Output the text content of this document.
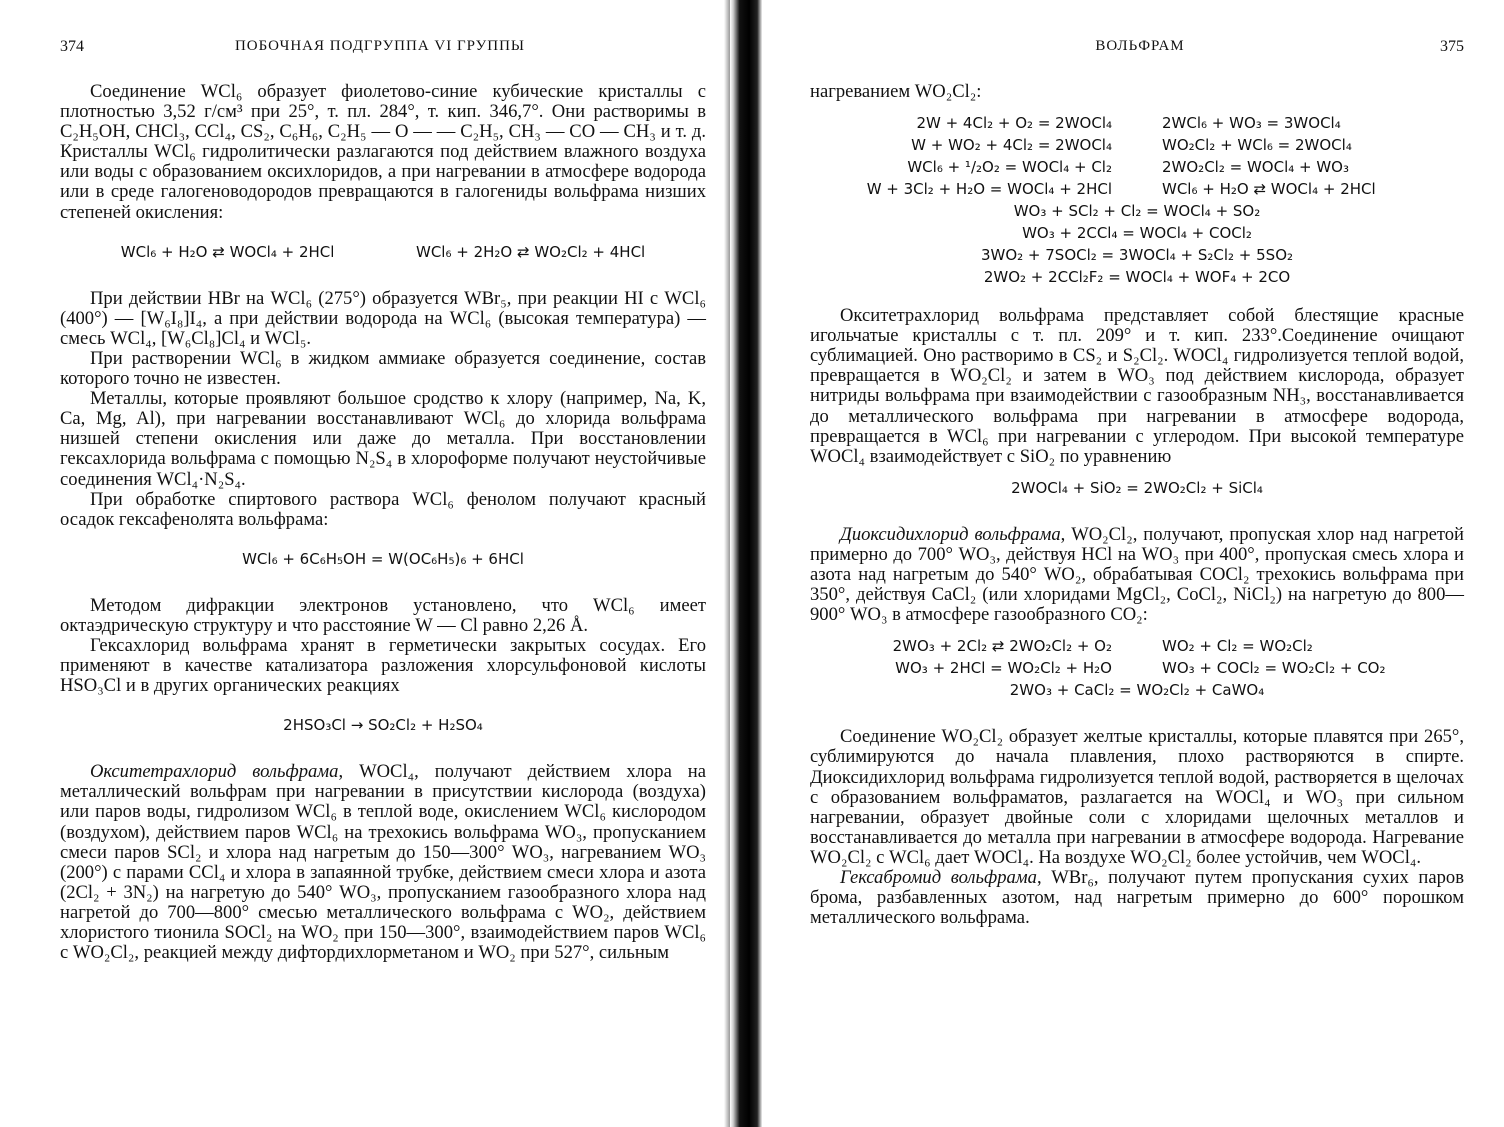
374	ПОБОЧНАЯ ПОДГРУППА VI ГРУППЫ

Соединение WCl₆ образует фиолетово-синие кубические кристаллы с плотностью 3,52 г/см³ при 25°, т. пл. 284°, т. кип. 346,7°. Они растворимы в C₂H₅OH, CHCl₃, CCl₄, CS₂, C₆H₆, C₂H₅ — O — — C₂H₅, CH₃ — CO — CH₃ и т. д. Кристаллы WCl₆ гидролитически разлагаются под действием влажного воздуха или воды с образованием оксихлоридов, а при нагревании в атмосфере водорода или в среде галогеноводородов превращаются в галогениды вольфрама низших степеней окисления:

WCl₆ + H₂O ⇄ WOCl₄ + 2HCl	WCl₆ + 2H₂O ⇄ WO₂Cl₂ + 4HCl

При действии HBr на WCl₆ (275°) образуется WBr₅, при реакции HI с WCl₆ (400°) — [W₆I₈]I₄, а при действии водорода на WCl₆ (высокая температура) — смесь WCl₄, [W₆Cl₈]Cl₄ и WCl₅.

При растворении WCl₆ в жидком аммиаке образуется соединение, состав которого точно не известен.

Металлы, которые проявляют большое сродство к хлору (например, Na, K, Ca, Mg, Al), при нагревании восстанавливают WCl₆ до хлорида вольфрама низшей степени окисления или даже до металла. При восстановлении гексахлорида вольфрама с помощью N₂S₄ в хлороформе получают неустойчивые соединения WCl₄·N₂S₄.

При обработке спиртового раствора WCl₆ фенолом получают красный осадок гексафенолята вольфрама:

WCl₆ + 6C₆H₅OH = W(OC₆H₅)₆ + 6HCl

Методом дифракции электронов установлено, что WCl₆ имеет октаэдрическую структуру и что расстояние W — Cl равно 2,26 Å.

Гексахлорид вольфрама хранят в герметически закрытых сосудах. Его применяют в качестве катализатора разложения хлорсульфоновой кислоты HSO₃Cl и в других органических реакциях

2HSO₃Cl → SO₂Cl₂ + H₂SO₄

Окситетрахлорид вольфрама, WOCl₄, получают действием хлора на металлический вольфрам при нагревании в присутствии кислорода (воздуха) или паров воды, гидролизом WCl₆ в теплой воде, окислением WCl₆ кислородом (воздухом), действием паров WCl₆ на трехокись вольфрама WO₃, пропусканием смеси паров SCl₂ и хлора над нагретым до 150—300° WO₃, нагреванием WO₃ (200°) с парами CCl₄ и хлора в запаянной трубке, действием смеси хлора и азота (2Cl₂ + 3N₂) на нагретую до 540° WO₃, пропусканием газообразного хлора над нагретой до 700—800° смесью металлического вольфрама с WO₂, действием хлористого тионила SOCl₂ на WO₂ при 150—300°, взаимодействием паров WCl₆ с WO₂Cl₂, реакцией между дифтордихлорметаном и WO₂ при 527°, сильным

ВОЛЬФРАМ	375

нагреванием WO₂Cl₂:

2W + 4Cl₂ + O₂ = 2WOCl₄	2WCl₆ + WO₃ = 3WOCl₄
W + WO₂ + 4Cl₂ = 2WOCl₄	WO₂Cl₂ + WCl₆ = 2WOCl₄
WCl₆ + ¹/₂O₂ = WOCl₄ + Cl₂	2WO₂Cl₂ = WOCl₄ + WO₃
W + 3Cl₂ + H₂O = WOCl₄ + 2HCl	WCl₆ + H₂O ⇄ WOCl₄ + 2HCl
WO₃ + SCl₂ + Cl₂ = WOCl₄ + SO₂
WO₃ + 2CCl₄ = WOCl₄ + COCl₂
3WO₂ + 7SOCl₂ = 3WOCl₄ + S₂Cl₂ + 5SO₂
2WO₂ + 2CCl₂F₂ = WOCl₄ + WOF₄ + 2CO

Окситетрахлорид вольфрама представляет собой блестящие красные игольчатые кристаллы с т. пл. 209° и т. кип. 233°.Соединение очищают сублимацией. Оно растворимо в CS₂ и S₂Cl₂. WOCl₄ гидролизуется теплой водой, превращается в WO₂Cl₂ и затем в WO₃ под действием кислорода, образует нитриды вольфрама при взаимодействии с газообразным NH₃, восстанавливается до металлического вольфрама при нагревании в атмосфере водорода, превращается в WCl₆ при нагревании с углеродом. При высокой температуре WOCl₄ взаимодействует с SiO₂ по уравнению

2WOCl₄ + SiO₂ = 2WO₂Cl₂ + SiCl₄

Диоксидихлорид вольфрама, WO₂Cl₂, получают, пропуская хлор над нагретой примерно до 700° WO₃, действуя HCl на WO₃ при 400°, пропуская смесь хлора и азота над нагретым до 540° WO₂, обрабатывая COCl₂ трехокись вольфрама при 350°, действуя CaCl₂ (или хлоридами MgCl₂, CoCl₂, NiCl₂) на нагретую до 800—900° WO₃ в атмосфере газообразного CO₂:

2WO₃ + 2Cl₂ ⇄ 2WO₂Cl₂ + O₂	WO₂ + Cl₂ = WO₂Cl₂
WO₃ + 2HCl = WO₂Cl₂ + H₂O	WO₃ + COCl₂ = WO₂Cl₂ + CO₂
2WO₃ + CaCl₂ = WO₂Cl₂ + CaWO₄

Соединение WO₂Cl₂ образует желтые кристаллы, которые плавятся при 265°, сублимируются до начала плавления, плохо растворяются в спирте. Диоксидихлорид вольфрама гидролизуется теплой водой, растворяется в щелочах с образованием вольфраматов, разлагается на WOCl₄ и WO₃ при сильном нагревании, образует двойные соли с хлоридами щелочных металлов и восстанавливается до металла при нагревании в атмосфере водорода. Нагревание WO₂Cl₂ с WCl₆ дает WOCl₄. На воздухе WO₂Cl₂ более устойчив, чем WOCl₄.

Гексабромид вольфрама, WBr₆, получают путем пропускания сухих паров брома, разбавленных азотом, над нагретым примерно до 600° порошком металлического вольфрама.
